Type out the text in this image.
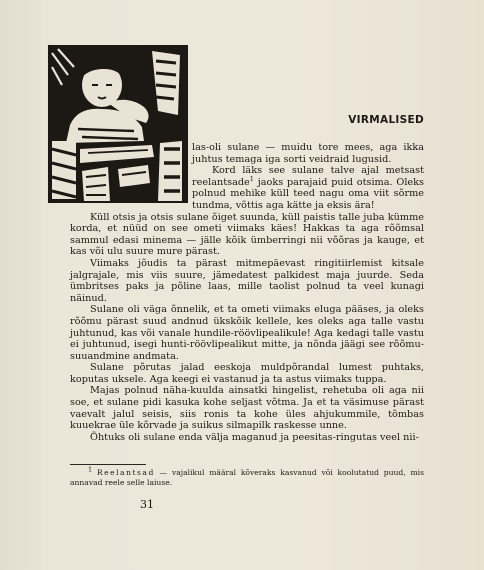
VIRMALISED

las-oli sulane — muidu tore mees, aga ikka juhtus temaga iga sorti veidraid lugusid.

Kord läks see sulane talve ajal metsast reelantsade$^1$ jaoks parajaid puid otsima. Oleks polnud mehike küll teed nagu oma viit sõrme tundma, võttis aga kätte ja eksis ära!

Küll otsis ja otsis sulane õiget suunda, küll paistis talle juba kümme korda, et nüüd on see ometi viimaks käes! Hakkas ta aga rõõmsal sammul edasi minema — jälle kõik ümberringi nii võõras ja kauge, et kas või ulu suure mure pärast.

Viimaks jõudis ta pärast mitmepäevast ringitiirlemist kitsale jalgrajale, mis viis suure, jämedatest palkidest maja juurde. Seda ümbritses paks ja põline laas, mille taolist polnud ta veel kunagi näinud.

Sulane oli väga õnnelik, et ta ometi viimaks eluga pääses, ja oleks rõõmu pärast suud andnud ükskõik kellele, kes oleks aga talle vastu juhtunud, kas või vanale hundile-röövlipealikule! Aga kedagi talle vastu ei juhtunud, isegi hunti-röövlipealikut mitte, ja nõnda jäägi see rõõmu-suuandmine andmata.

Sulane põrutas jalad eeskoja muldpõrandal lumest puhtaks, koputas uksele. Aga keegi ei vastanud ja ta astus viimaks tuppa.

Majas polnud näha-kuulda ainsatki hingelist, rehetuba oli aga nii soe, et sulane pidi kasuka kohe seljast võtma. Ja et ta väsimuse pärast vaevalt jalul seisis, siis ronis ta kohe üles ahjukummile, tõmbas kuuekrae üle kõrvade ja suikus silmapilk raskesse unne.

Öhtuks oli sulane enda välja maganud ja peesitas-ringutas veel nii-

1 Reelantsad — vajalikul määral kõveraks kasvanud või koolutatud puud, mis annavad reele selle laiuse.

31
